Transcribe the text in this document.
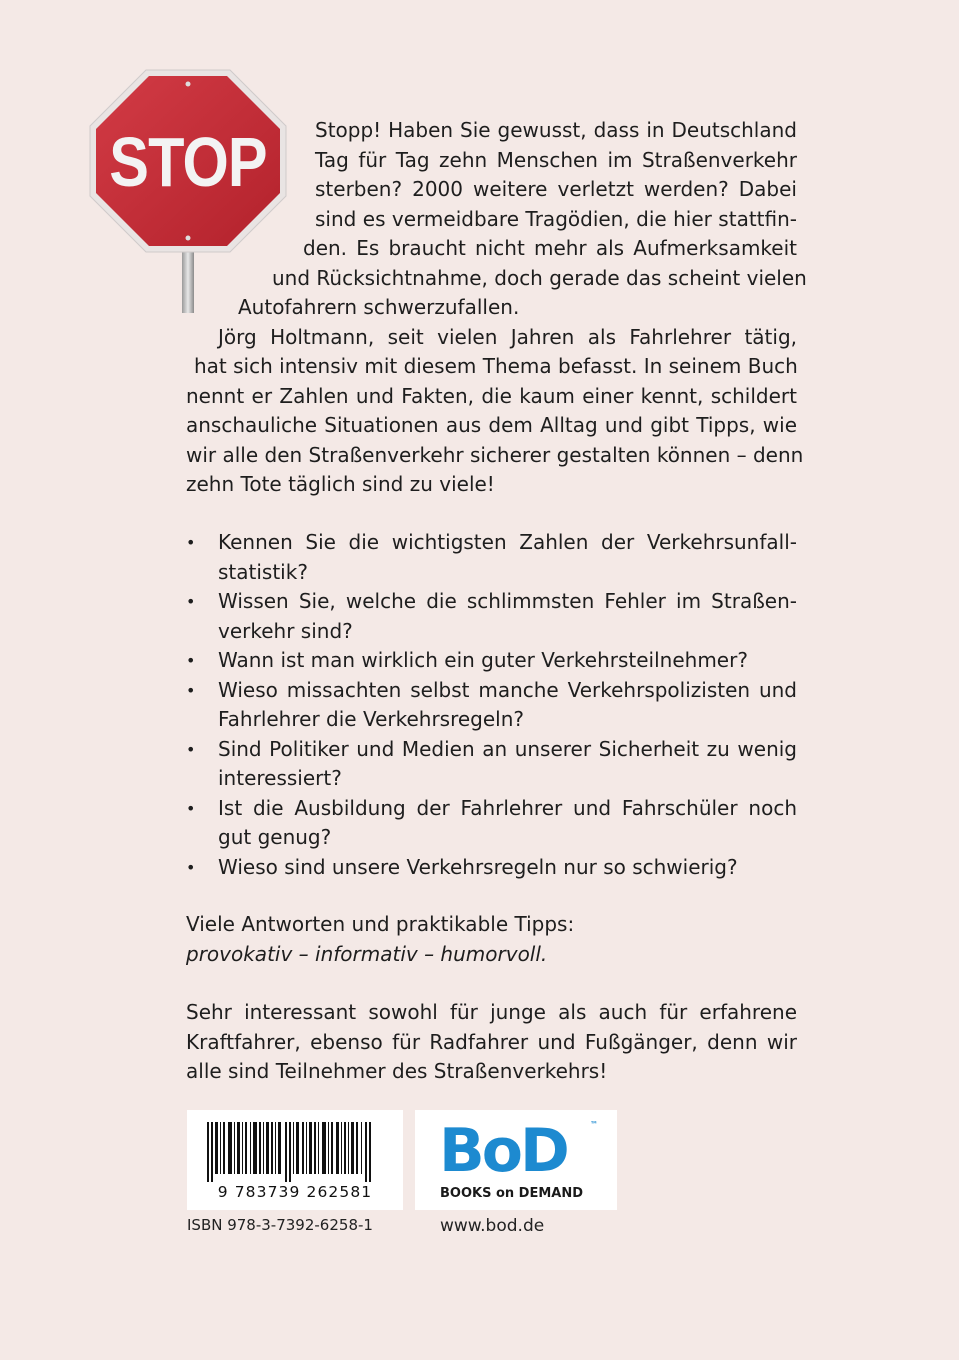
STOP Stopp! Haben Sie gewusst, dass in Deutschland

Tag für Tag zehn Menschen im Straßenverkehr

sterben? 2000 weitere verletzt werden? Dabei

sind es vermeidbare Tragödien, die hier stattfin-

den. Es braucht nicht mehr als Aufmerksamkeit

und Rücksichtnahme, doch gerade das scheint vielen

Autofahrern schwerzufallen.

Jörg Holtmann, seit vielen Jahren als Fahrlehrer tätig,

hat sich intensiv mit diesem Thema befasst. In seinem Buch

nennt er Zahlen und Fakten, die kaum einer kennt, schildert

anschauliche Situationen aus dem Alltag und gibt Tipps, wie

wir alle den Straßenverkehr sicherer gestalten können – denn

zehn Tote täglich sind zu viele!

• Kennen Sie die wichtigsten Zahlen der Verkehrsunfall-

statistik?

• Wissen Sie, welche die schlimmsten Fehler im Straßen-

verkehr sind?

• Wann ist man wirklich ein guter Verkehrsteilnehmer?

• Wieso missachten selbst manche Verkehrspolizisten und

Fahrlehrer die Verkehrsregeln?

• Sind Politiker und Medien an unserer Sicherheit zu wenig

interessiert?

• Ist die Ausbildung der Fahrlehrer und Fahrschüler noch

gut genug?

• Wieso sind unsere Verkehrsregeln nur so schwierig?

Viele Antworten und praktikable Tipps:

provokativ – informativ – humorvoll.

Sehr interessant sowohl für junge als auch für erfahrene

Kraftfahrer, ebenso für Radfahrer und Fußgänger, denn wir

alle sind Teilnehmer des Straßenverkehrs!

9 783739 262581
ISBN 978-3-7392-6258-1
BoD	™
BOOKS on DEMAND
www.bod.de
